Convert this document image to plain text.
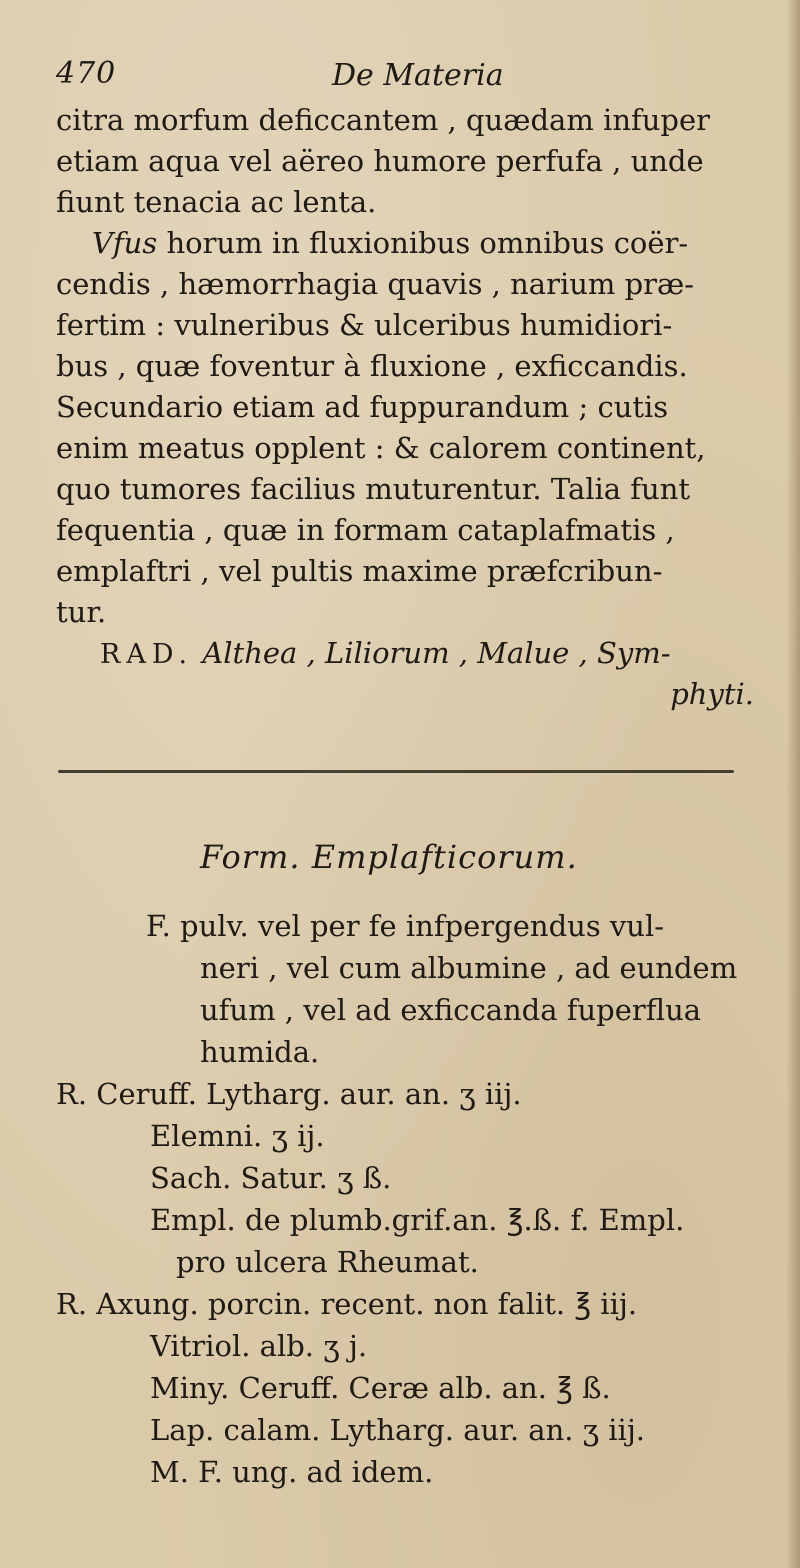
470	De Materia
citra morfum deficcantem , quædam infuper
etiam aqua vel aëreo humore perfufa , unde
fiunt tenacia ac lenta.
Vfus horum in fluxionibus omnibus coër-
cendis , hæmorrhagia quavis , narium præ-
fertim : vulneribus & ulceribus humidiori-
bus , quæ foventur à fluxione , exficcandis.
Secundario etiam ad fuppurandum ; cutis
enim meatus opplent : & calorem continent,
quo tumores facilius muturentur. Talia funt
fequentia , quæ in formam cataplafmatis ,
emplaftri , vel pultis maxime præfcribun-
tur.
RAD. Althea , Liliorum , Malue , Sym-
phyti.
Form. Emplafticorum.
F. pulv. vel per fe infpergendus vul-
neri , vel cum albumine , ad eundem
ufum , vel ad exficcanda fuperflua
humida.
R. Ceruff. Lytharg. aur. an. ʒ iij.
Elemni. ʒ ij.
Sach. Satur. ʒ ß.
Empl. de plumb.grif.an. ℥.ß. f. Empl.
pro ulcera Rheumat.
R. Axung. porcin. recent. non falit. ℥ iij.
Vitriol. alb. ʒ j.
Miny. Ceruff. Ceræ alb. an. ℥ ß.
Lap. calam. Lytharg. aur. an. ʒ iij.
M. F. ung. ad idem.
